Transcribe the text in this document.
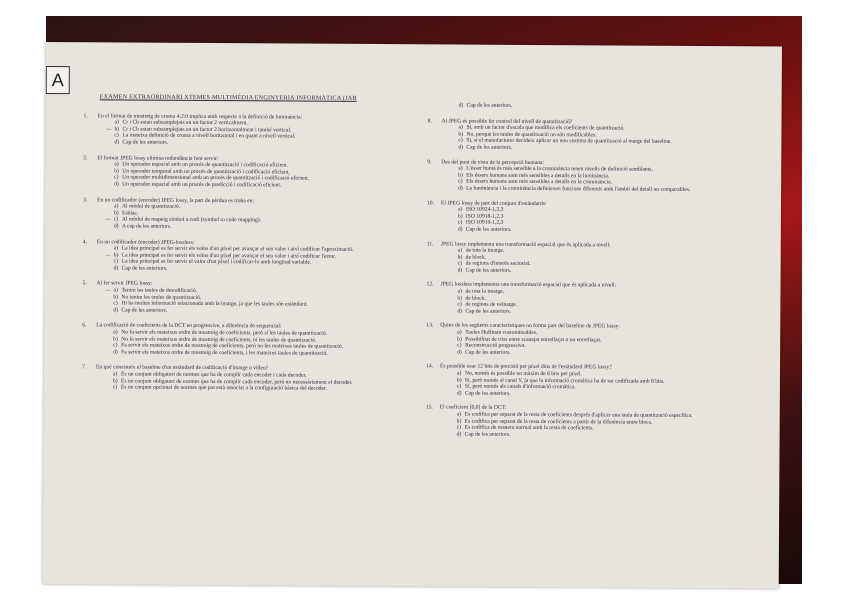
A
EXAMEN EXTRAORDINARI XTEMES MULTIMÈDIA ENGINYERIA INFORMÀTICA (JAB
1.	En el format de mostreig de croma 4:2:0 implica amb respecte a la definició de luminància:
a) Cr i Cb estan subsamplejats en un factor 2 verticalment.
— b) Cr i Cb estan subsamplejats en un factor 2 horitzontalment i també vertical.
c) La mateixa definició de croma a nivell horitzontal i en quant a nivell vertical.
d) Cap de les anteriors.
2.	El format JPEG lossy elimina redundància fent servir:
a) Un operador espacial amb un procés de quantització i codificació eficient.
b) Un operador temporal amb un procés de quantització i codificació eficient.
c) Un operador multidimensional amb un procés de quantització i codificació eficient.
d) Un operador espacial amb un procés de predicció i codificació eficient.
3.	En un codificador (encoder) JPEG lossy, la part de pèrdua es troba en:
a) Al mòdul de quantització.
b) Esblac.
— c) Al mòdul de mapeig símbol a codi (symbol to code mapping).
d) A cap de les anteriors.
4.	En un codificador (encoder) JPEG-lossless:
a) La idea principal es fer servir els veïns d'un píxel per avançar el seu valor i així codificar l'aproximació.
— b) La idea principal es fer servir els veïns d'un píxel per avançar el seu valor i així codificar l'error.
c) La idea principal es fer servir el valor d'un píxel i codificar-lo amb longitud variable.
d) Cap de les anteriors.
5.	Al fer servir JPEG lossy:
— a) Tenim les taules de desodificació.
b) No tenim les taules de quantització.
c) Hi ha moltes informació relacionada amb la imatge, ja que les taules són estàndard.
d) Cap de les anteriors.
6.	La codificació de coeficients de la DCT en progressive, a diferència de sequencial:
a) No fa servir els mateixos ordre de mostreig de coeficients, però sí les taules de quantització.
b) No fa servir els mateixos ordre de mostreig de coeficients, ni les taules de quantització.
c) Fa servir els mateixos ordre de mostreig de coeficients, però no les mateixes taules de quantització.
d) Fa servir els mateixos ordre de mostreig de coeficients, i les mateixes taules de quantització.
7.	En què consisteix el baseline d'un estàndard de codificació d'imatge o vídeo?
a) És un conjunt obligatori de normes que ha de complir cada encoder i cada decoder.
b) És un conjunt obligatori de normes que ha de complir cada encoder, però no necessàriament el decoder.
c) És un conjunt opcional de normes que pot està associat a la configuració bàsica del decoder.
d) Cap de les anteriors.
8.	Al JPEG és possible fer control del nivell de quantització?
a) Sí, amb un factor d'escala que modifica els coeficients de quantització.
b) No, perquè les taules de quantització no són modificables.
c) Sí, si el manufacturer decideix aplicar un nou sistema de quantització al marge del baseline.
d) Cap de les anteriors.
9.	Des del punt de vista de la percepció humana:
a) L'ésser humà és més sensible a la crominància tenen nivells de definició semblants.
b) Els éssers humans som més sensibles a detalls en la luminància.
c) Els éssers humans som més sensibles a detalls en la crominància.
d) La luminància i la crominància definiexen funcions diferents amb l'àmbit del detall no comparables.
10.	El JPEG lossy de part del conjunt d'estàndards:
a) ISO 10924-1,2,3
b) ISO 10918-1,2,3
c) ISO 10919-1,2,3
d) Cap de les anteriors.
11.	JPEG lossy implementa una transformació espacial que és aplicada a nivell:
a) de tota la imatge.
b) de block.
c) de regions d'interès sectorial.
d) Cap de les anteriors.
12.	JPEG lossless implementa una transformació espacial que és aplicada a nivell:
a) de tota la imatge.
b) de block.
c) de regions de veïnatge.
d) Cap de les anteriors.
13.	Quins de les següents característiques no forma part del baseline de JPEG lossy:
a) Taules Huffman customitzables.
b) Possibilitat de triar entre scanejat entrellaçat o no entrellaçat.
c) Reconstrucció progressiva.
d) Cap de les anteriors.
14.	És possible usar 12 bits de precisió per píxel dins de l'estàndard JPEG lossy?
a) No, només és possible un màxim de 8 bits per píxel.
b) Sí, però només al canal Y, ja que la informació cromàtica ha de ser codificada amb 8 bits.
c) Sí, però només als canals d'informació cromàtica.
d) Cap de les anteriors.
15.	El coeficient [0,0] de la DCT:
a) Es codifica per separat de la resta de coeficients després d'aplicar una taula de quantització específica.
b) Es codifica per separat de la resta de coeficients a partir de la diferència entre blocs.
c) Es codifica de manera normal amb la resta de coeficients.
d) Cap de les anteriors.
